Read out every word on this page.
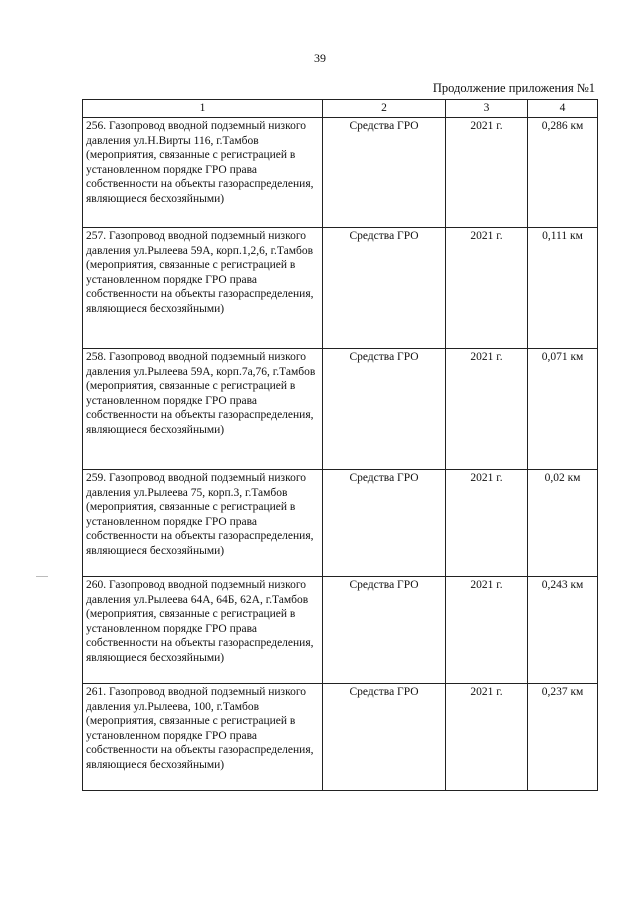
39
Продолжение приложения №1
1	2	3	4
256. Газопровод вводной подземный низкого давления ул.Н.Вирты 116, г.Тамбов (мероприятия, связанные с регистрацией в установленном порядке ГРО права собственности на объекты газораспределения, являющиеся бесхозяйными)	Средства ГРО	2021 г.	0,286 км
257. Газопровод вводной подземный низкого давления ул.Рылеева 59А, корп.1,2,6, г.Тамбов (мероприятия, связанные с регистрацией в установленном порядке ГРО права собственности на объекты газораспределения, являющиеся бесхозяйными)	Средства ГРО	2021 г.	0,111 км
258. Газопровод вводной подземный низкого давления ул.Рылеева 59А, корп.7а,76, г.Тамбов (мероприятия, связанные с регистрацией в установленном порядке ГРО права собственности на объекты газораспределения, являющиеся бесхозяйными)	Средства ГРО	2021 г.	0,071 км
259. Газопровод вводной подземный низкого давления ул.Рылеева 75, корп.3, г.Тамбов (мероприятия, связанные с регистрацией в установленном порядке ГРО права собственности на объекты газораспределения, являющиеся бесхозяйными)	Средства ГРО	2021 г.	0,02 км
260. Газопровод вводной подземный низкого давления ул.Рылеева 64А, 64Б, 62А, г.Тамбов (мероприятия, связанные с регистрацией в установленном порядке ГРО права собственности на объекты газораспределения, являющиеся бесхозяйными)	Средства ГРО	2021 г.	0,243 км
261. Газопровод вводной подземный низкого давления ул.Рылеева, 100, г.Тамбов (мероприятия, связанные с регистрацией в установленном порядке ГРО права собственности на объекты газораспределения, являющиеся бесхозяйными)	Средства ГРО	2021 г.	0,237 км
